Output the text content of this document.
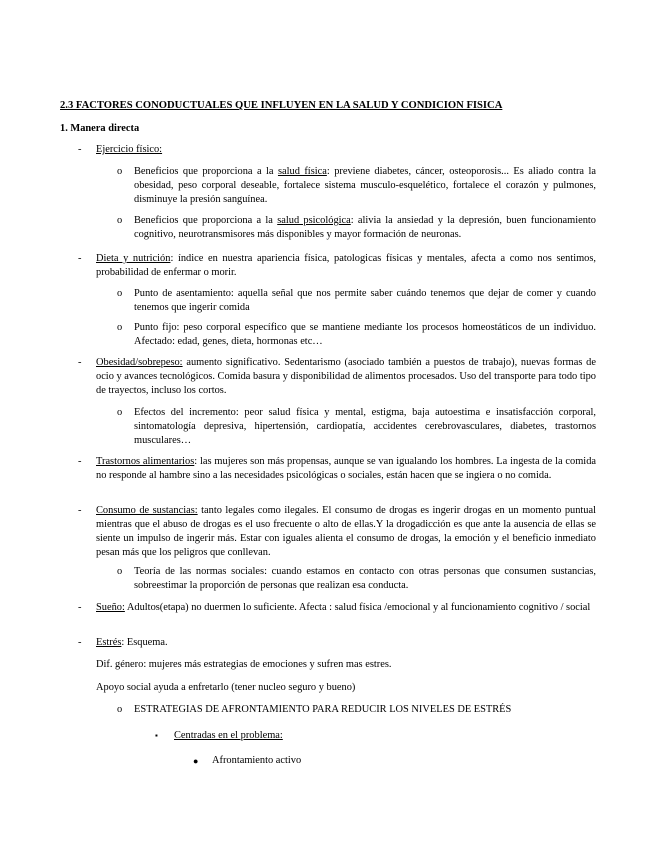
2.3 FACTORES CONODUCTUALES QUE INFLUYEN EN LA SALUD Y CONDICION FISICA
1. Manera directa
- Ejercicio físico:
o Beneficios que proporciona a la salud física: previene diabetes, cáncer, osteoporosis... Es aliado contra la obesidad, peso corporal deseable, fortalece sistema musculo-esquelético, fortalece el corazón y pulmones, disminuye la presión sanguínea.
o Beneficios que proporciona a la salud psicológica: alivia la ansiedad y la depresión, buen funcionamiento cognitivo, neurotransmisores más disponibles y mayor formación de neuronas.
- Dieta y nutrición: índice en nuestra apariencia física, patologicas físicas y mentales, afecta a como nos sentimos, probabilidad de enfermar o morir.
o Punto de asentamiento: aquella señal que nos permite saber cuándo tenemos que dejar de comer y cuando tenemos que ingerir comida
o Punto fijo: peso corporal específico que se mantiene mediante los procesos homeostáticos de un individuo. Afectado: edad, genes, dieta, hormonas etc…
- Obesidad/sobrepeso: aumento significativo. Sedentarismo (asociado también a puestos de trabajo), nuevas formas de ocio y avances tecnológicos. Comida basura y disponibilidad de alimentos procesados. Uso del transporte para todo tipo de trayectos, incluso los cortos.
o Efectos del incremento: peor salud física y mental, estigma, baja autoestima e insatisfacción corporal, sintomatología depresiva, hipertensión, cardiopatía, accidentes cerebrovasculares, diabetes, trastornos musculares…
- Trastornos alimentarios: las mujeres son más propensas, aunque se van igualando los hombres. La ingesta de la comida no responde al hambre sino a las necesidades psicológicas o sociales, están hacen que se ingiera o no comida.
- Consumo de sustancias: tanto legales como ilegales. El consumo de drogas es ingerir drogas en un momento puntual mientras que el abuso de drogas es el uso frecuente o alto de ellas.Y la drogadicción es que ante la ausencia de ellas se siente un impulso de ingerir más. Estar con iguales alienta el consumo de drogas, la emoción y el beneficio inmediato pesan más que los peligros que conllevan.
o Teoría de las normas sociales: cuando estamos en contacto con otras personas que consumen sustancias, sobreestimar la proporción de personas que realizan esa conducta.
- Sueño: Adultos(etapa) no duermen lo suficiente. Afecta : salud física /emocional y al funcionamiento cognitivo / social
- Estrés: Esquema.
Dif. género: mujeres más estrategias de emociones y sufren mas estres.
Apoyo social ayuda a enfretarlo (tener nucleo seguro y bueno)
o ESTRATEGIAS DE AFRONTAMIENTO PARA REDUCIR LOS NIVELES DE ESTRÉS
▪ Centradas en el problema:
● Afrontamiento activo
